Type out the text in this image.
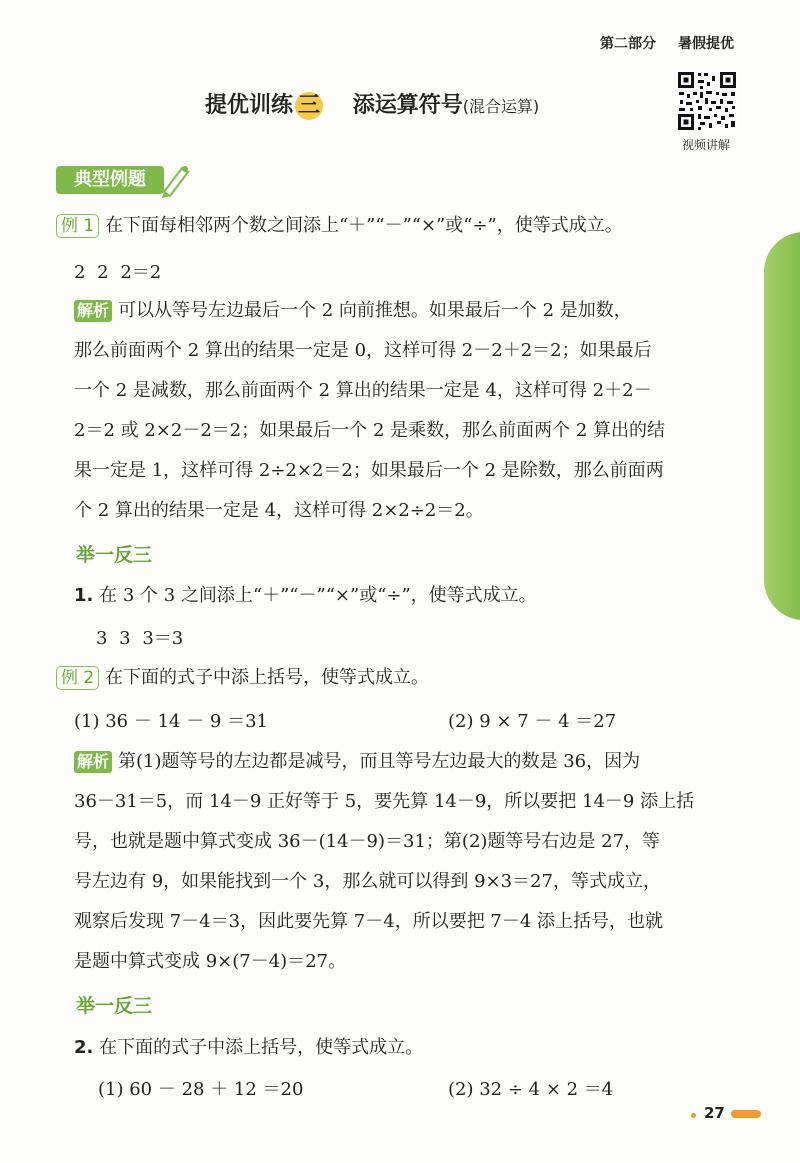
第二部分 暑假提优
视频讲解
提优训练 三 添运算符号(混合运算)
典型例题
例 1 在下面每相邻两个数之间添上“＋”“－”“×”或“÷”，使等式成立。
2 2 2＝2
解析 可以从等号左边最后一个 2 向前推想。如果最后一个 2 是加数，
那么前面两个 2 算出的结果一定是 0，这样可得 2－2＋2＝2；如果最后
一个 2 是减数，那么前面两个 2 算出的结果一定是 4，这样可得 2＋2－
2＝2 或 2×2－2＝2；如果最后一个 2 是乘数，那么前面两个 2 算出的结
果一定是 1，这样可得 2÷2×2＝2；如果最后一个 2 是除数，那么前面两
个 2 算出的结果一定是 4，这样可得 2×2÷2＝2。
举一反三
1. 在 3 个 3 之间添上“＋”“－”“×”或“÷”，使等式成立。
3 3 3＝3
例 2 在下面的式子中添上括号，使等式成立。
(1) 36 － 14 － 9 ＝31	(2) 9 × 7 － 4 ＝27
解析 第(1)题等号的左边都是减号，而且等号左边最大的数是 36，因为
36－31＝5，而 14－9 正好等于 5，要先算 14－9，所以要把 14－9 添上括
号，也就是题中算式变成 36－(14－9)＝31；第(2)题等号右边是 27，等
号左边有 9，如果能找到一个 3，那么就可以得到 9×3＝27，等式成立，
观察后发现 7－4＝3，因此要先算 7－4，所以要把 7－4 添上括号，也就
是题中算式变成 9×(7－4)＝27。
举一反三
2. 在下面的式子中添上括号，使等式成立。
(1) 60 － 28 ＋ 12 ＝20	(2) 32 ÷ 4 × 2 ＝4
27
